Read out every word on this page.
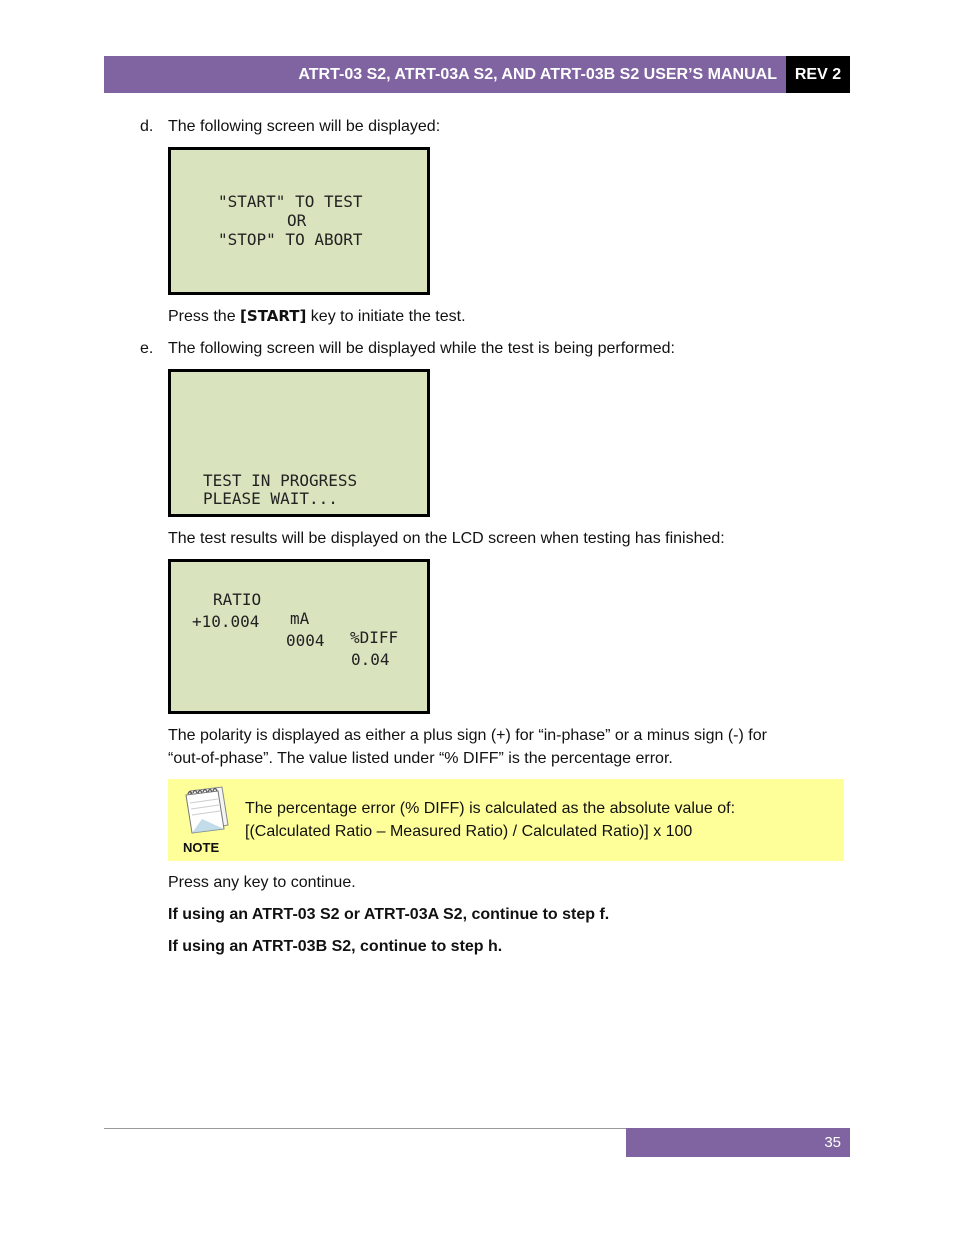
ATRT-03 S2, ATRT-03A S2, AND ATRT-03B S2 USER’S MANUAL REV 2
d. The following screen will be displayed:
"START" TO TEST
OR
"STOP" TO ABORT
Press the [START] key to initiate the test.
e. The following screen will be displayed while the test is being performed:
TEST IN PROGRESS
PLEASE WAIT...
The test results will be displayed on the LCD screen when testing has finished:

RATIO

mA

%DIFF

+10.004

0004

0.04

The polarity is displayed as either a plus sign (+) for “in-phase” or a minus sign (-) for
“out-of-phase”. The value listed under “% DIFF” is the percentage error.
NOTE
The percentage error (% DIFF) is calculated as the absolute value of:
[(Calculated Ratio – Measured Ratio) / Calculated Ratio)] x 100
Press any key to continue.
If using an ATRT-03 S2 or ATRT-03A S2, continue to step f.
If using an ATRT-03B S2, continue to step h.
35
